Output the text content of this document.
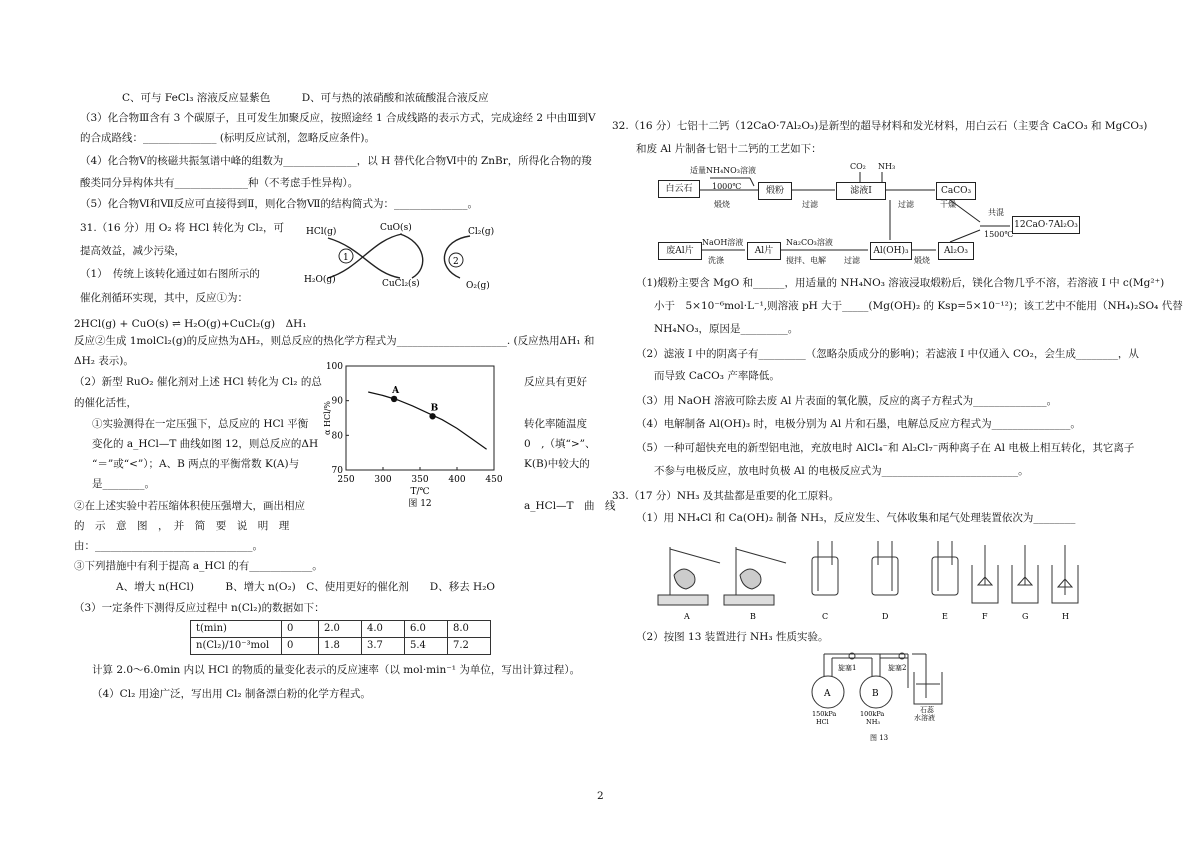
C、可与 FeCl₃ 溶液反应显紫色　　　D、可与热的浓硝酸和浓硫酸混合液反应
（3）化合物Ⅲ含有 3 个碳原子，且可发生加聚反应，按照途经 1 合成线路的表示方式，完成途经 2 中由Ⅲ到Ⅴ
的合成路线：______________ (标明反应试剂，忽略反应条件)。
（4）化合物Ⅴ的核磁共振氢谱中峰的组数为______________，以 H 替代化合物Ⅵ中的 ZnBr，所得化合物的羧
酸类同分异构体共有______________种（不考虑手性异构）。
（5）化合物Ⅵ和Ⅶ反应可直接得到Ⅱ，则化合物Ⅶ的结构简式为：______________。
31.（16 分）用 O₂ 将 HCl 转化为 Cl₂，可
提高效益，减少污染，
（1）　传统上该转化通过如右图所示的
催化剂循环实现，其中，反应①为：
2HCl(g) + CuO(s) ⇌ H₂O(g)+CuCl₂(g)　ΔH₁
反应②生成 1molCl₂(g)的反应热为ΔH₂，则总反应的热化学方程式为_____________________. (反应热用ΔH₁ 和
ΔH₂ 表示)。
（2）新型 RuO₂ 催化剂对上述 HCl 转化为 Cl₂ 的总	反应具有更好
的催化活性，
①实验测得在一定压强下，总反应的 HCl 平衡	转化率随温度
变化的 a_HCl—T 曲线如图 12，则总反应的ΔH	0　,（填“>”、
“＝”或“<”）；A、B 两点的平衡常数 K(A)与	K(B)中较大的
是________。
②在上述实验中若压缩体积使压强增大，画出相应	a_HCl—T　曲　线
的　示　意　图　，　并　简　要　说　明　理
由：______________________________。
③下列措施中有利于提高 a_HCl 的有____________。
A、增大 n(HCl)　　　B、增大 n(O₂)　C、使用更好的催化剂　　D、移去 H₂O
（3）一定条件下测得反应过程中 n(Cl₂)的数据如下：
t(min)	0	2.0	4.0	6.0	8.0
n(Cl₂)/10⁻³mol	0	1.8	3.7	5.4	7.2
计算 2.0～6.0min 内以 HCl 的物质的量变化表示的反应速率（以 mol·min⁻¹ 为单位，写出计算过程）。
（4）Cl₂ 用途广泛，写出用 Cl₂ 制备漂白粉的化学方程式。
1	2
HCl(g)	CuO(s)	Cl₂(g)
H₂O(g)	CuCl₂(s)	O₂(g)
250 300 350 400 450
70
80
90
100
A
B
T/℃
图 12
α HCl/%
32.（16 分）七铝十二钙（12CaO·7Al₂O₃)是新型的超导材料和发光材料，用白云石（主要含 CaCO₃ 和 MgCO₃)
和废 Al 片制备七铝十二钙的工艺如下：
白云石	煅粉	滤液I	CaCO₃
12CaO·7Al₂O₃
废Al片	Al片	Al(OH)₃	Al₂O₃
适量NH₄NO₃溶液
1000℃
煅烧	过滤
CO₂ NH₃
过滤	干燥
共混
1500℃
NaOH溶液
洗涤
Na₂CO₃溶液
搅拌、电解 过滤	煅烧
（1)煅粉主要含 MgO 和______，用适量的 NH₄NO₃ 溶液浸取煅粉后，镁化合物几乎不溶，若溶液 I 中 c(Mg²⁺)
小于　5×10⁻⁶mol·L⁻¹,则溶液 pH 大于_____(Mg(OH)₂ 的 Ksp=5×10⁻¹²)；该工艺中不能用（NH₄)₂SO₄ 代替
NH₄NO₃，原因是_________。
（2）滤液 I 中的阴离子有_________（忽略杂质成分的影响)；若滤液 I 中仅通入 CO₂，会生成________，从
而导致 CaCO₃ 产率降低。
（3）用 NaOH 溶液可除去废 Al 片表面的氧化膜，反应的离子方程式为______________。
（4）电解制备 Al(OH)₃ 时，电极分别为 Al 片和石墨，电解总反应方程式为_______________。
（5）一种可超快充电的新型铝电池，充放电时 AlCl₄⁻和 Al₂Cl₇⁻两种离子在 Al 电极上相互转化，其它离子
不参与电极反应，放电时负极 Al 的电极反应式为__________________________。
33.（17 分）NH₃ 及其盐都是重要的化工原料。
（1）用 NH₄Cl 和 Ca(OH)₂ 制备 NH₃，反应发生、气体收集和尾气处理装置依次为________
A	B	C	D	E	F	G	H
（2）按图 13 装置进行 NH₃ 性质实验。
A	B
旋塞1	旋塞2
150kPa
HCl
100kPa
NH₃
石蕊
水溶液
图 13
2
